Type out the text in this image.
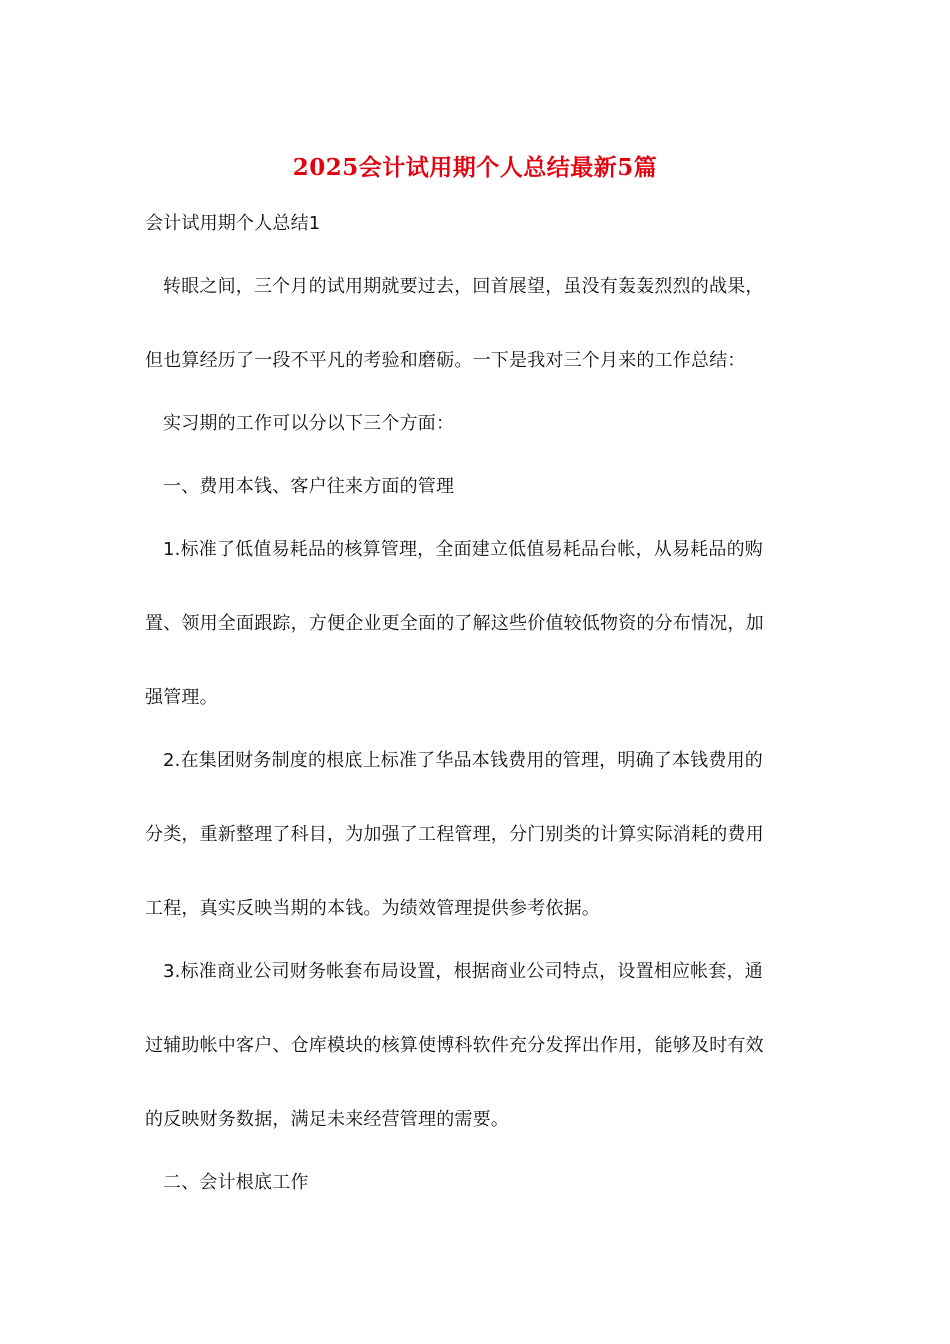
2025会计试用期个人总结最新5篇
会计试用期个人总结1
转眼之间，三个月的试用期就要过去，回首展望，虽没有轰轰烈烈的战果，
但也算经历了一段不平凡的考验和磨砺。一下是我对三个月来的工作总结：
实习期的工作可以分以下三个方面：
一、费用本钱、客户往来方面的管理
1.标准了低值易耗品的核算管理，全面建立低值易耗品台帐，从易耗品的购
置、领用全面跟踪，方便企业更全面的了解这些价值较低物资的分布情况，加
强管理。
2.在集团财务制度的根底上标准了华品本钱费用的管理，明确了本钱费用的
分类，重新整理了科目，为加强了工程管理，分门别类的计算实际消耗的费用
工程，真实反映当期的本钱。为绩效管理提供参考依据。
3.标准商业公司财务帐套布局设置，根据商业公司特点，设置相应帐套，通
过辅助帐中客户、仓库模块的核算使博科软件充分发挥出作用，能够及时有效
的反映财务数据，满足未来经营管理的需要。
二、会计根底工作
